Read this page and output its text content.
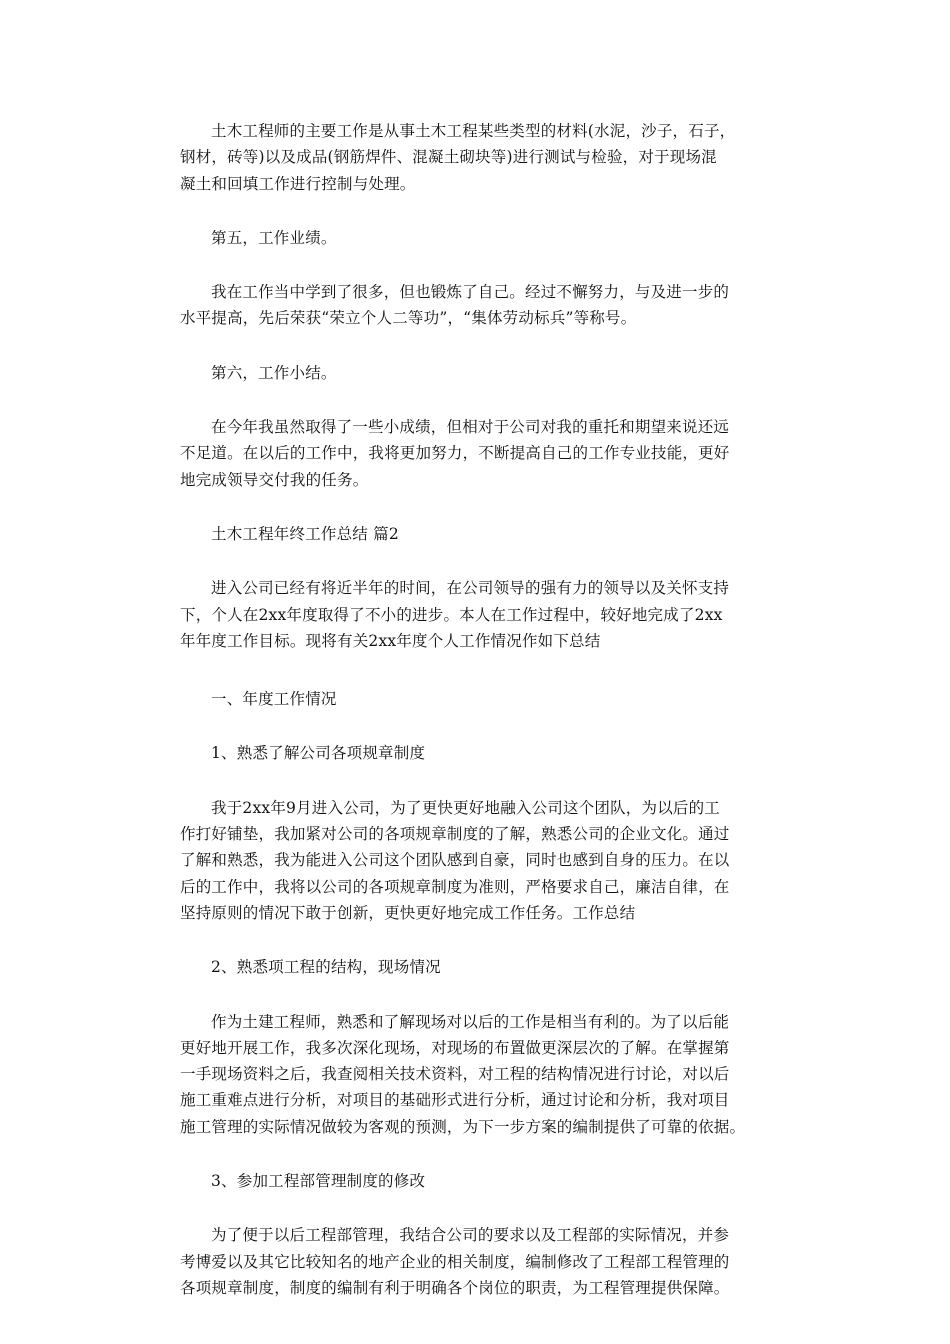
土木工程师的主要工作是从事土木工程某些类型的材料(水泥，沙子，石子，
钢材，砖等)以及成品(钢筋焊件、混凝土砌块等)进行测试与检验，对于现场混
凝土和回填工作进行控制与处理。

第五，工作业绩。

我在工作当中学到了很多，但也锻炼了自己。经过不懈努力，与及进一步的
水平提高，先后荣获“荣立个人二等功”，“集体劳动标兵”等称号。

第六，工作小结。

在今年我虽然取得了一些小成绩，但相对于公司对我的重托和期望来说还远
不足道。在以后的工作中，我将更加努力，不断提高自己的工作专业技能，更好
地完成领导交付我的任务。

土木工程年终工作总结 篇2

进入公司已经有将近半年的时间，在公司领导的强有力的领导以及关怀支持
下，个人在2xx年度取得了不小的进步。本人在工作过程中，较好地完成了2xx
年年度工作目标。现将有关2xx年度个人工作情况作如下总结

一、年度工作情况

1、熟悉了解公司各项规章制度

我于2xx年9月进入公司，为了更快更好地融入公司这个团队，为以后的工
作打好铺垫，我加紧对公司的各项规章制度的了解，熟悉公司的企业文化。通过
了解和熟悉，我为能进入公司这个团队感到自豪，同时也感到自身的压力。在以
后的工作中，我将以公司的各项规章制度为准则，严格要求自己，廉洁自律，在
坚持原则的情况下敢于创新，更快更好地完成工作任务。工作总结

2、熟悉项工程的结构，现场情况

作为土建工程师，熟悉和了解现场对以后的工作是相当有利的。为了以后能
更好地开展工作，我多次深化现场，对现场的布置做更深层次的了解。在掌握第
一手现场资料之后，我查阅相关技术资料，对工程的结构情况进行讨论，对以后
施工重难点进行分析，对项目的基础形式进行分析，通过讨论和分析，我对项目
施工管理的实际情况做较为客观的预测，为下一步方案的编制提供了可靠的依据。

3、参加工程部管理制度的修改

为了便于以后工程部管理，我结合公司的要求以及工程部的实际情况，并参
考博爱以及其它比较知名的地产企业的相关制度，编制修改了工程部工程管理的
各项规章制度，制度的编制有利于明确各个岗位的职责，为工程管理提供保障。
